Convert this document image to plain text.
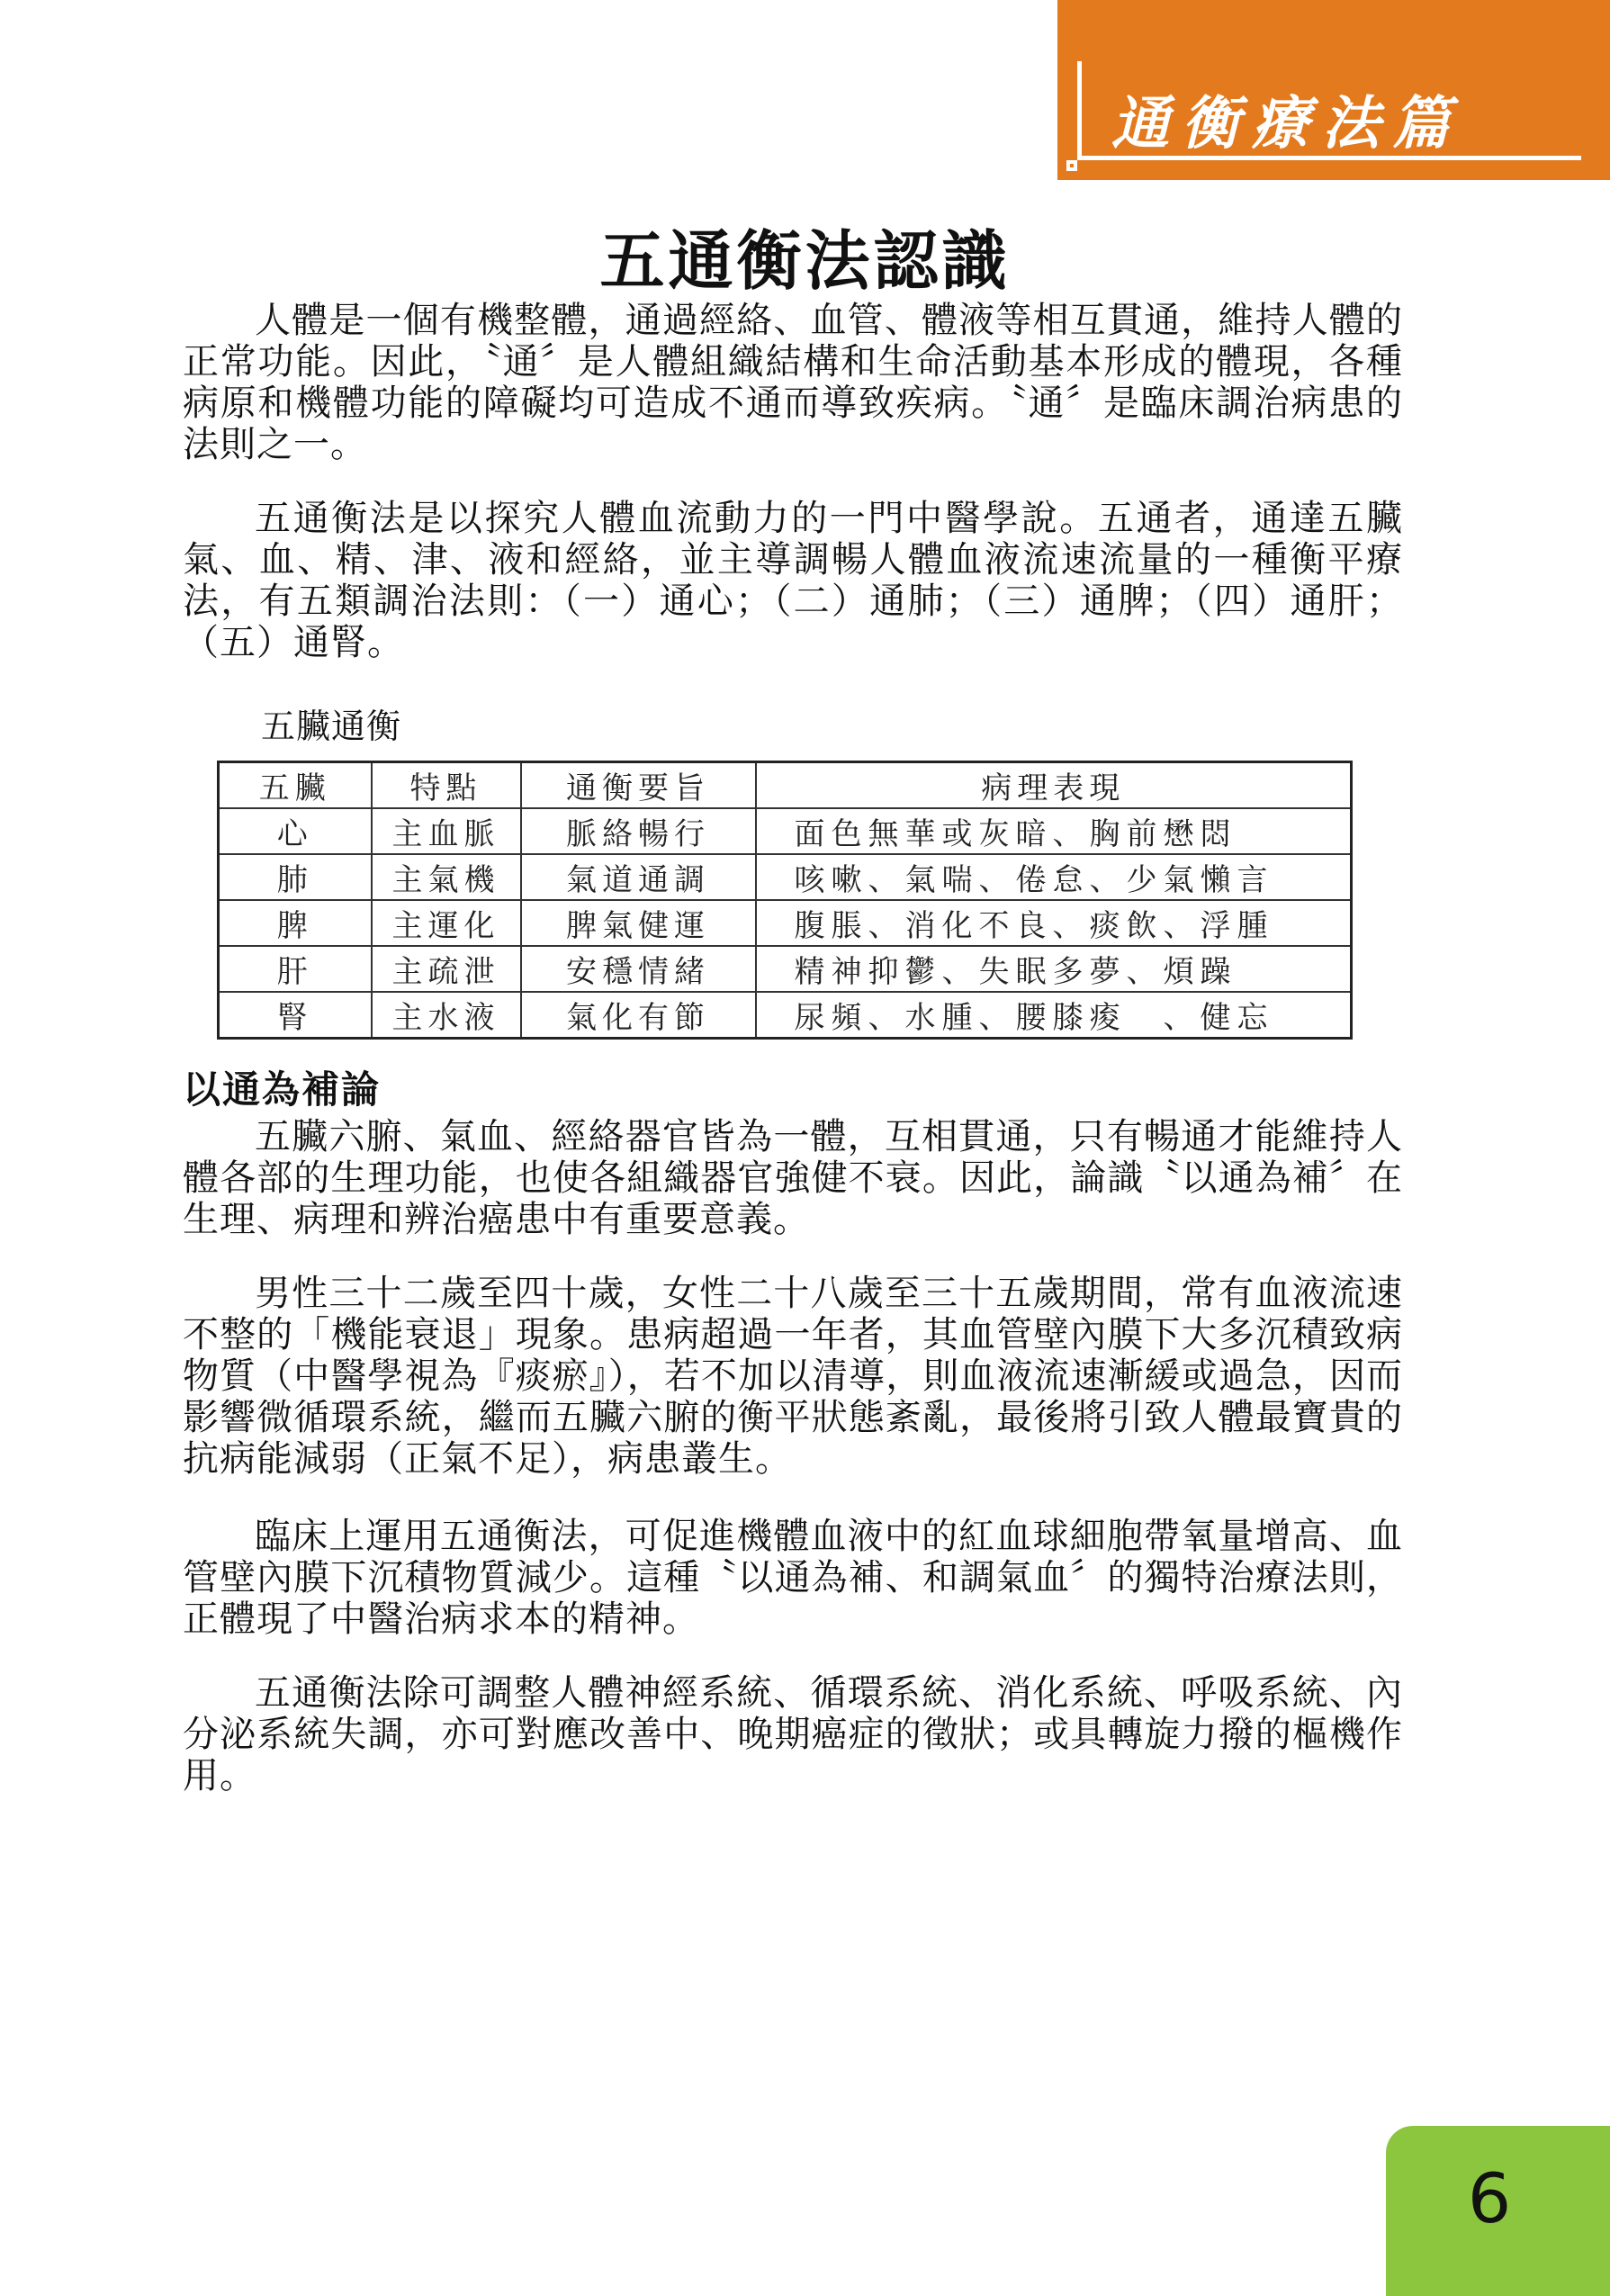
通衡療法篇
五通衡法認識

人體是一個有機整體，通過經絡、血管、體液等相互貫通，維持人體的正常功能。因此，〝通〞是人體組織結構和生命活動基本形成的體現，各種病原和機體功能的障礙均可造成不通而導致疾病。〝通〞是臨床調治病患的法則之一。

五通衡法是以探究人體血流動力的一門中醫學說。五通者，通達五臟氣、血、精、津、液和經絡，並主導調暢人體血液流速流量的一種衡平療法，有五類調治法則：（一）通心；（二）通肺；（三）通脾；（四）通肝；（五）通腎。

五臟通衡
五臟	特點	通衡要旨	病理表現
心	主血脈	脈絡暢行	面色無華或灰暗、胸前懋悶
肺	主氣機	氣道通調	咳嗽、氣喘、倦怠、少氣懶言
脾	主運化	脾氣健運	腹脹、消化不良、痰飲、浮腫
肝	主疏泄	安穩情緒	精神抑鬱、失眠多夢、煩躁
腎	主水液	氣化有節	尿頻、水腫、腰膝痠　、健忘
以通為補論

五臟六腑、氣血、經絡器官皆為一體，互相貫通，只有暢通才能維持人體各部的生理功能，也使各組織器官強健不衰。因此，論識〝以通為補〞在生理、病理和辨治癌患中有重要意義。

男性三十二歲至四十歲，女性二十八歲至三十五歲期間，常有血液流速不整的「機能衰退」現象。患病超過一年者，其血管壁內膜下大多沉積致病物質（中醫學視為『痰瘀』），若不加以清導，則血液流速漸緩或過急，因而影響微循環系統，繼而五臟六腑的衡平狀態紊亂，最後將引致人體最寶貴的抗病能減弱（正氣不足），病患叢生。

臨床上運用五通衡法，可促進機體血液中的紅血球細胞帶氧量增高、血管壁內膜下沉積物質減少。這種〝以通為補、和調氣血〞的獨特治療法則，正體現了中醫治病求本的精神。

五通衡法除可調整人體神經系統、循環系統、消化系統、呼吸系統、內分泌系統失調，亦可對應改善中、晚期癌症的徵狀；或具轉旋力撥的樞機作用。

6
